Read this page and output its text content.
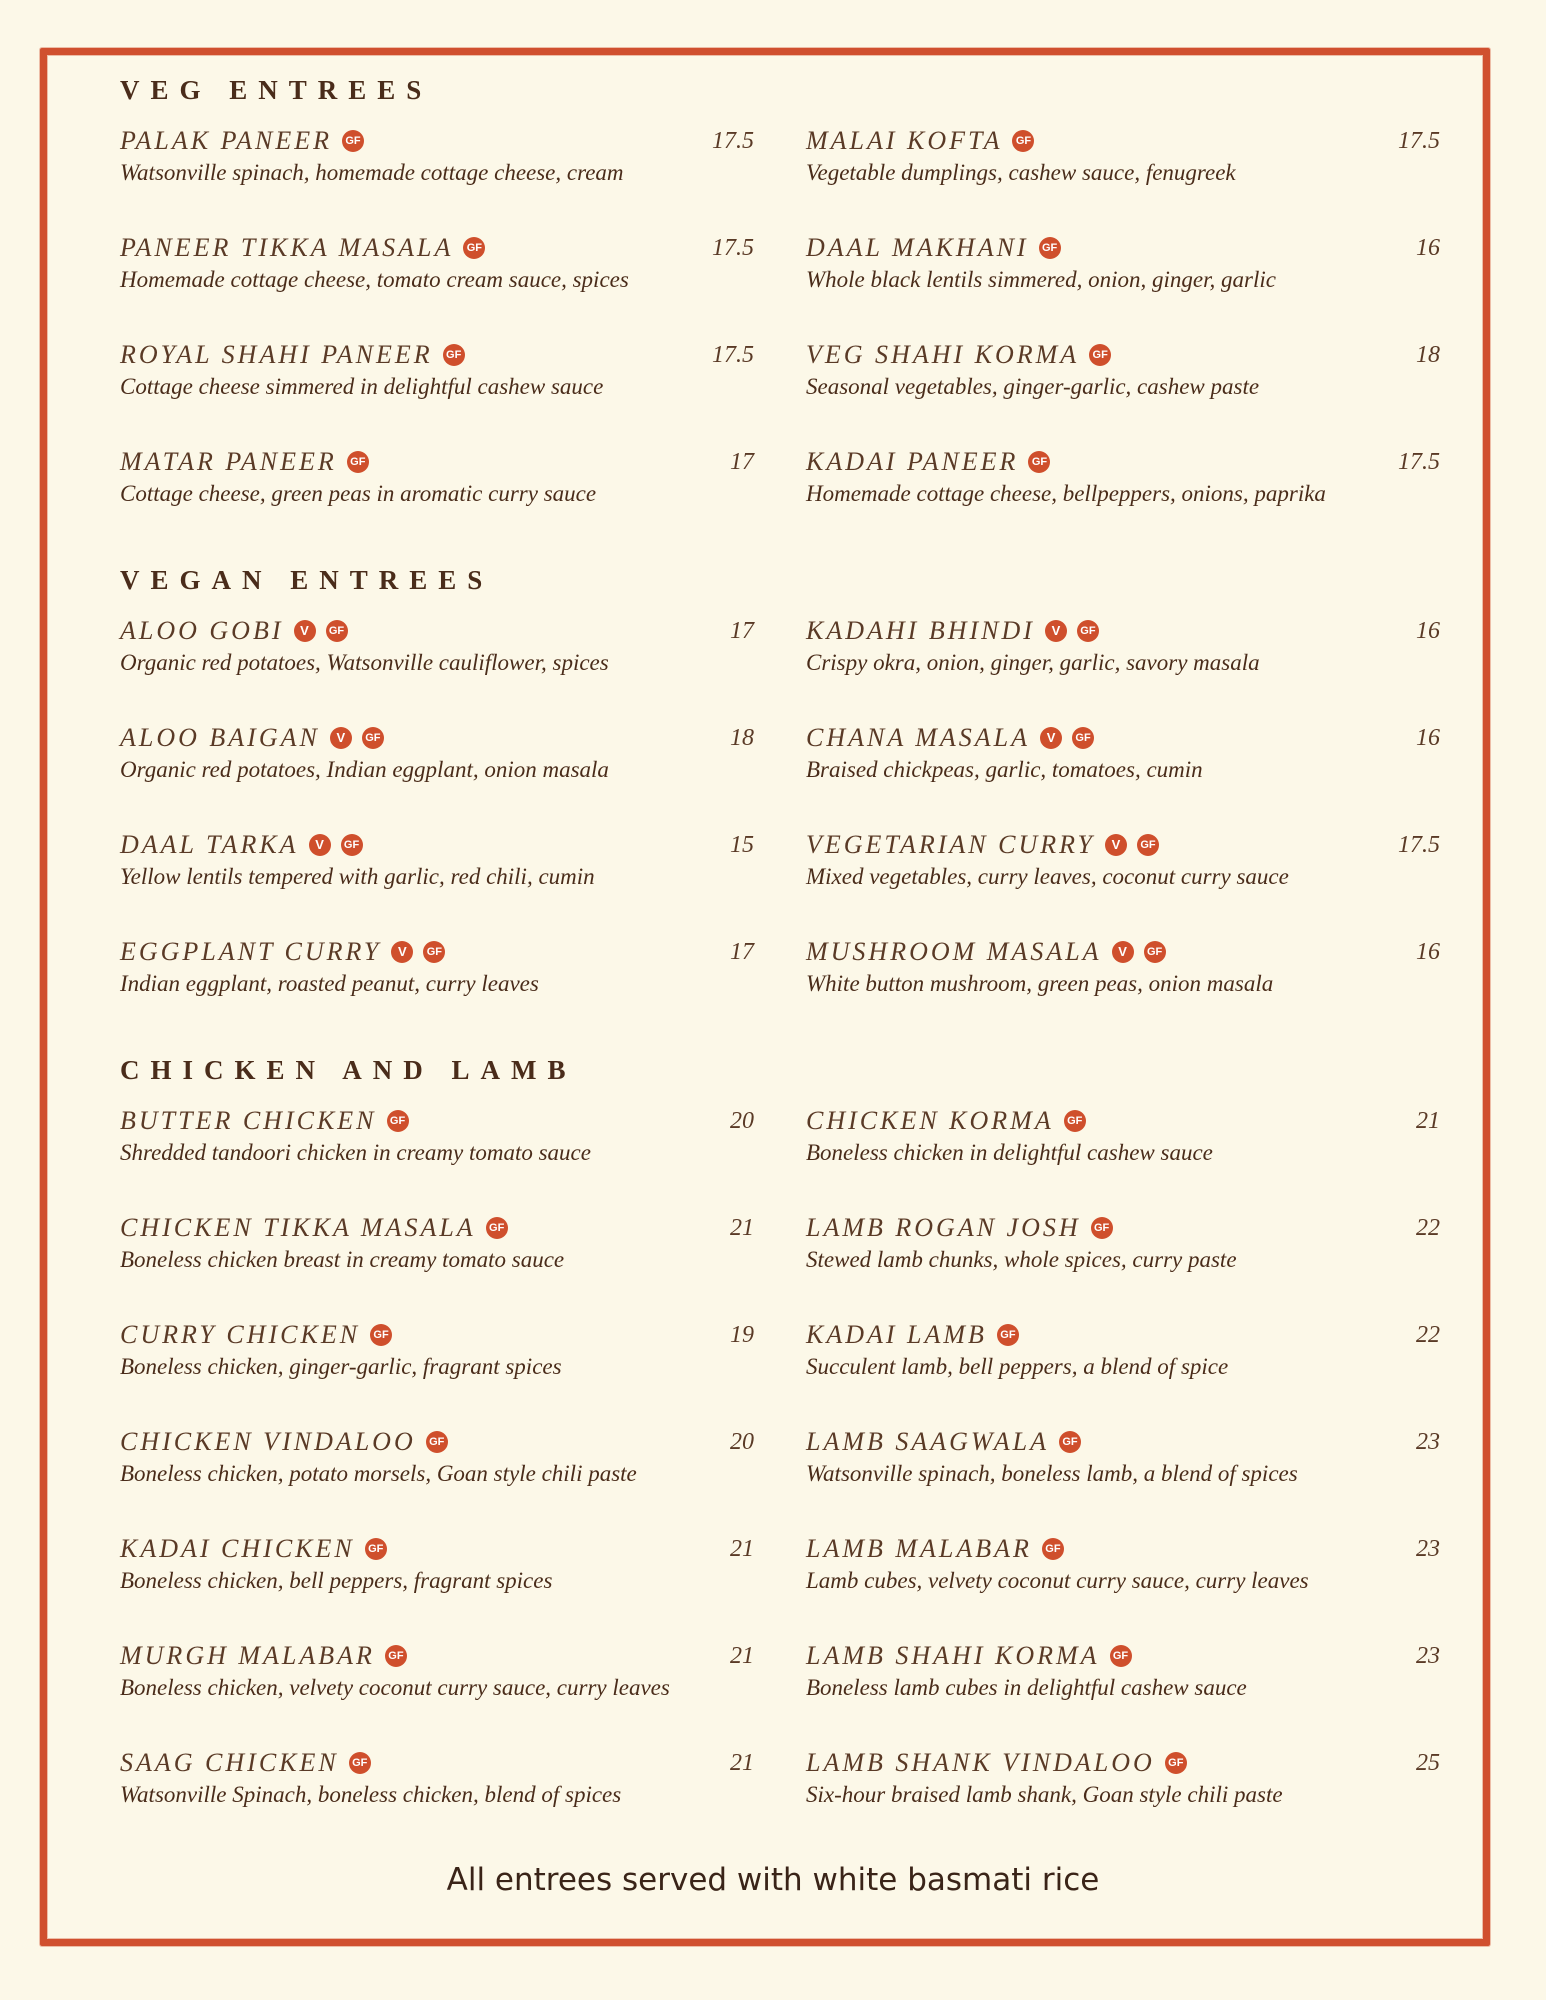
VEG ENTREES
PALAK PANEER GF	17.5
Watsonville spinach, homemade cottage cheese, cream
MALAI KOFTA GF	17.5
Vegetable dumplings, cashew sauce, fenugreek
PANEER TIKKA MASALA GF	17.5
Homemade cottage cheese, tomato cream sauce, spices
DAAL MAKHANI GF	16
Whole black lentils simmered, onion, ginger, garlic
ROYAL SHAHI PANEER GF	17.5
Cottage cheese simmered in delightful cashew sauce
VEG SHAHI KORMA GF	18
Seasonal vegetables, ginger-garlic, cashew paste
MATAR PANEER GF	17
Cottage cheese, green peas in aromatic curry sauce
KADAI PANEER GF	17.5
Homemade cottage cheese, bellpeppers, onions, paprika
VEGAN ENTREES
ALOO GOBI V GF	17
Organic red potatoes, Watsonville cauliflower, spices
KADAHI BHINDI V GF	16
Crispy okra, onion, ginger, garlic, savory masala
ALOO BAIGAN V GF	18
Organic red potatoes, Indian eggplant, onion masala
CHANA MASALA V GF	16
Braised chickpeas, garlic, tomatoes, cumin
DAAL TARKA V GF	15
Yellow lentils tempered with garlic, red chili, cumin
VEGETARIAN CURRY V GF	17.5
Mixed vegetables, curry leaves, coconut curry sauce
EGGPLANT CURRY V GF	17
Indian eggplant, roasted peanut, curry leaves
MUSHROOM MASALA V GF	16
White button mushroom, green peas, onion masala
CHICKEN AND LAMB
BUTTER CHICKEN GF	20
Shredded tandoori chicken in creamy tomato sauce
CHICKEN KORMA GF	21
Boneless chicken in delightful cashew sauce
CHICKEN TIKKA MASALA GF	21
Boneless chicken breast in creamy tomato sauce
LAMB ROGAN JOSH GF	22
Stewed lamb chunks, whole spices, curry paste
CURRY CHICKEN GF	19
Boneless chicken, ginger-garlic, fragrant spices
KADAI LAMB GF	22
Succulent lamb, bell peppers, a blend of spice
CHICKEN VINDALOO GF	20
Boneless chicken, potato morsels, Goan style chili paste
LAMB SAAGWALA GF	23
Watsonville spinach, boneless lamb, a blend of spices
KADAI CHICKEN GF	21
Boneless chicken, bell peppers, fragrant spices
LAMB MALABAR GF	23
Lamb cubes, velvety coconut curry sauce, curry leaves
MURGH MALABAR GF	21
Boneless chicken, velvety coconut curry sauce, curry leaves
LAMB SHAHI KORMA GF	23
Boneless lamb cubes in delightful cashew sauce
SAAG CHICKEN GF	21
Watsonville Spinach, boneless chicken, blend of spices
LAMB SHANK VINDALOO GF	25
Six-hour braised lamb shank, Goan style chili paste
All entrees served with white basmati rice
